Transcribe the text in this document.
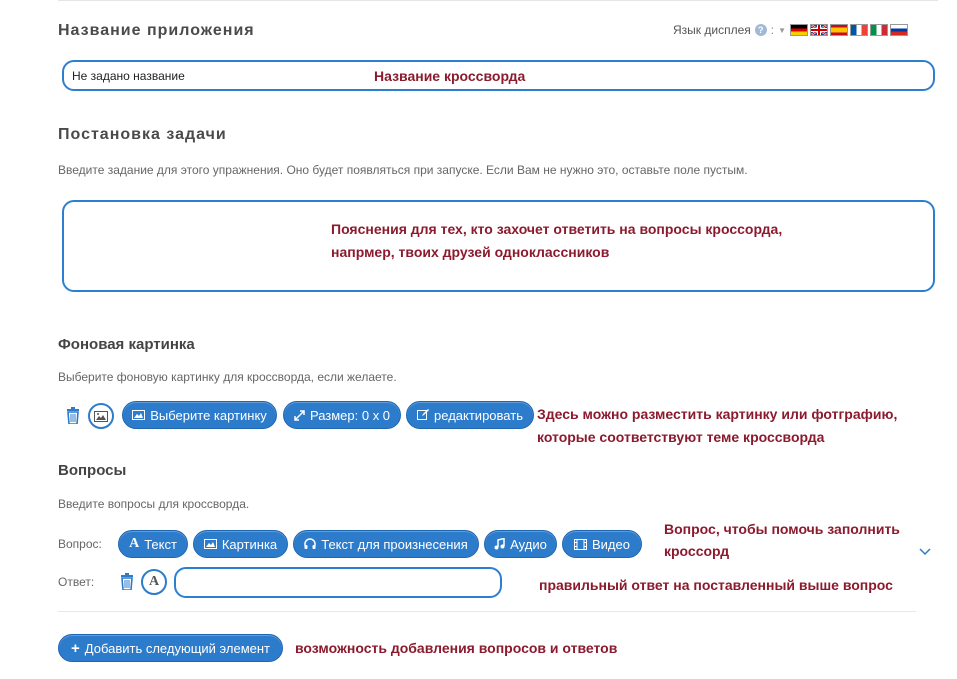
Название приложения	Язык дисплея ? : ▼
Не задано название	Название кроссворда
Постановка задачи
Введите задание для этого упражнения. Оно будет появляться при запуске. Если Вам не нужно это, оставьте поле пустым.
Пояснения для тех, кто захочет ответить на вопросы кроссорда,
напрмер, твоих друзей одноклассников
Фоновая картинка
Выберите фоновую картинку для кроссворда, если желаете.
Выберите картинку	Размер: 0 x 0	редактировать Здесь можно разместить картинку или фотграфию,
которые соответствуют теме кроссворда
Вопросы
Введите вопросы для кроссворда.
Вопрос: A Текст	Картинка	Текст для произнесения	Аудио	Видео
Вопрос, чтобы помочь заполнить
кроссорд
Ответ:	A	правильный ответ на поставленный выше вопрос
+ Добавить следующий элемент возможность добавления вопросов и ответов
